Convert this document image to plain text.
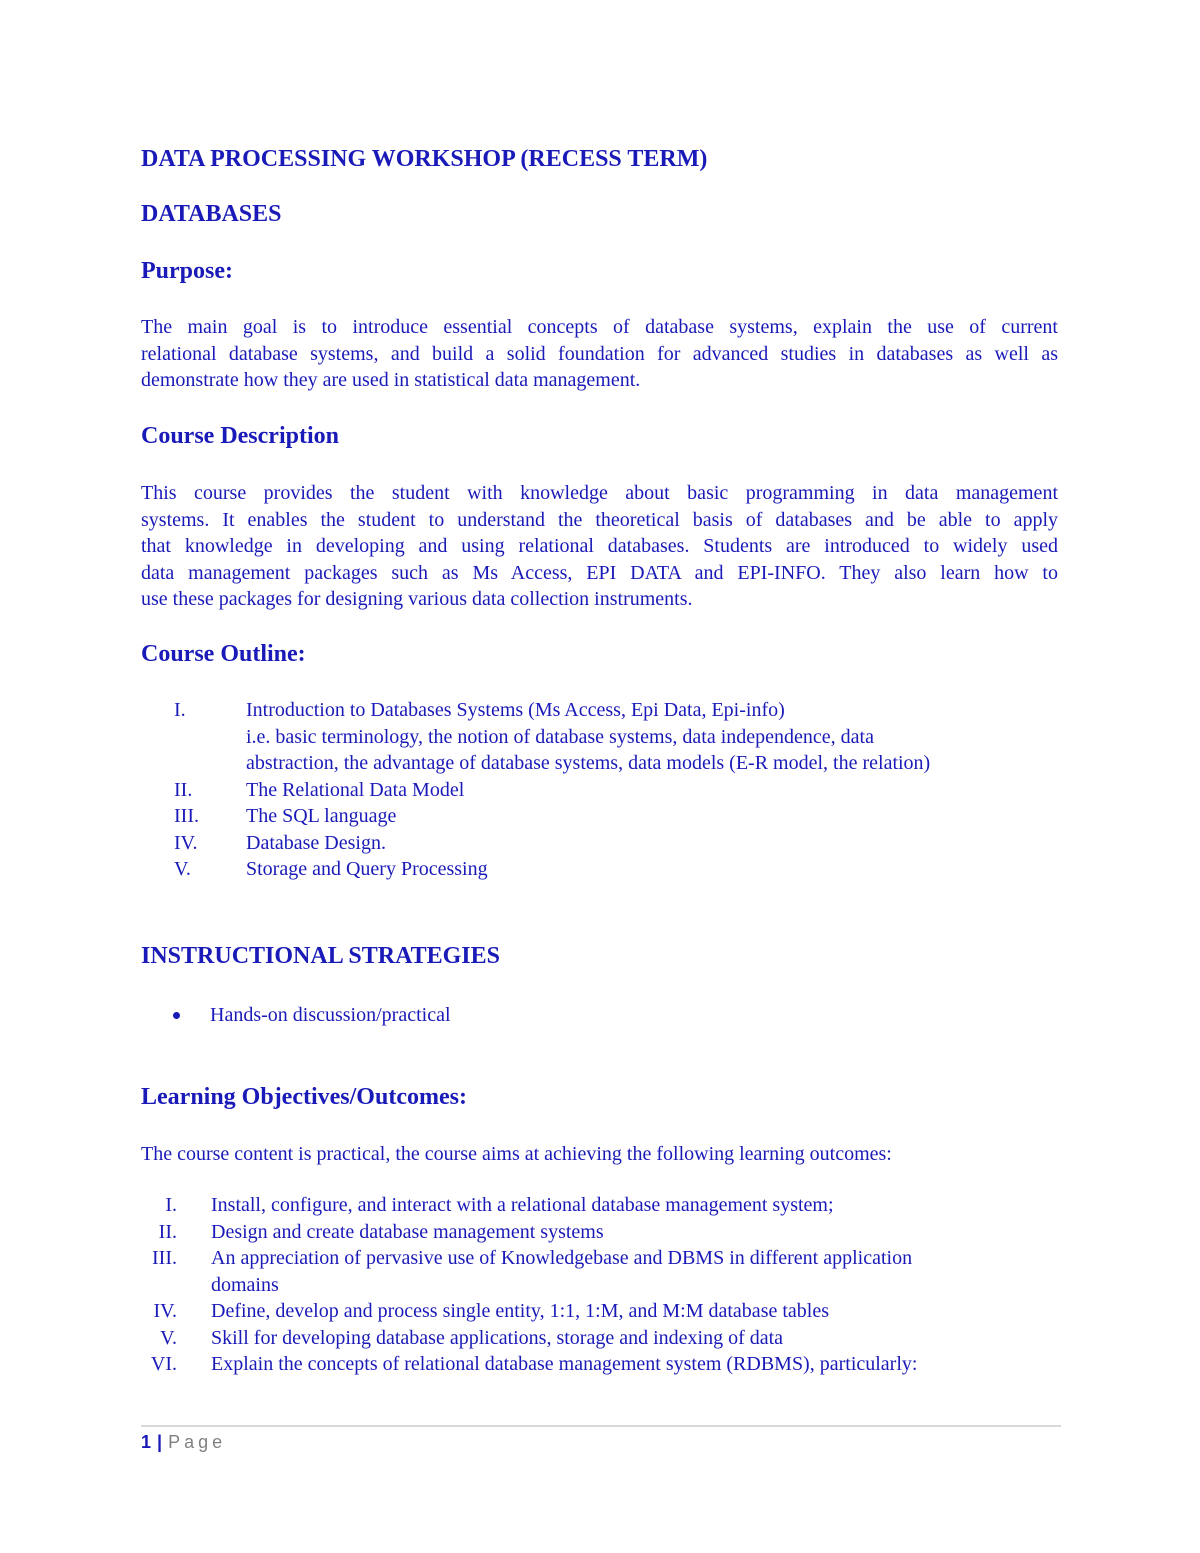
DATA PROCESSING WORKSHOP (RECESS TERM)
DATABASES
Purpose:
The main goal is to introduce essential concepts of database systems, explain the use of current
relational database systems, and build a solid foundation for advanced studies in databases as well as
demonstrate how they are used in statistical data management.
Course Description
This course provides the student with knowledge about basic programming in data management
systems. It enables the student to understand the theoretical basis of databases and be able to apply
that knowledge in developing and using relational databases. Students are introduced to widely used
data management packages such as Ms Access, EPI DATA and EPI-INFO. They also learn how to
use these packages for designing various data collection instruments.
Course Outline:
I.	Introduction to Databases Systems (Ms Access, Epi Data, Epi-info)
i.e. basic terminology, the notion of database systems, data independence, data
abstraction, the advantage of database systems, data models (E-R model, the relation)
II.	The Relational Data Model
III. The SQL language
IV. Database Design.
V.	Storage and Query Processing
INSTRUCTIONAL STRATEGIES
Hands-on discussion/practical
Learning Objectives/Outcomes:
The course content is practical, the course aims at achieving the following learning outcomes:
I. Install, configure, and interact with a relational database management system;
II. Design and create database management systems
III. An appreciation of pervasive use of Knowledgebase and DBMS in different application
domains
IV. Define, develop and process single entity, 1:1, 1:M, and M:M database tables
V. Skill for developing database applications, storage and indexing of data
VI. Explain the concepts of relational database management system (RDBMS), particularly:
1 | Page
